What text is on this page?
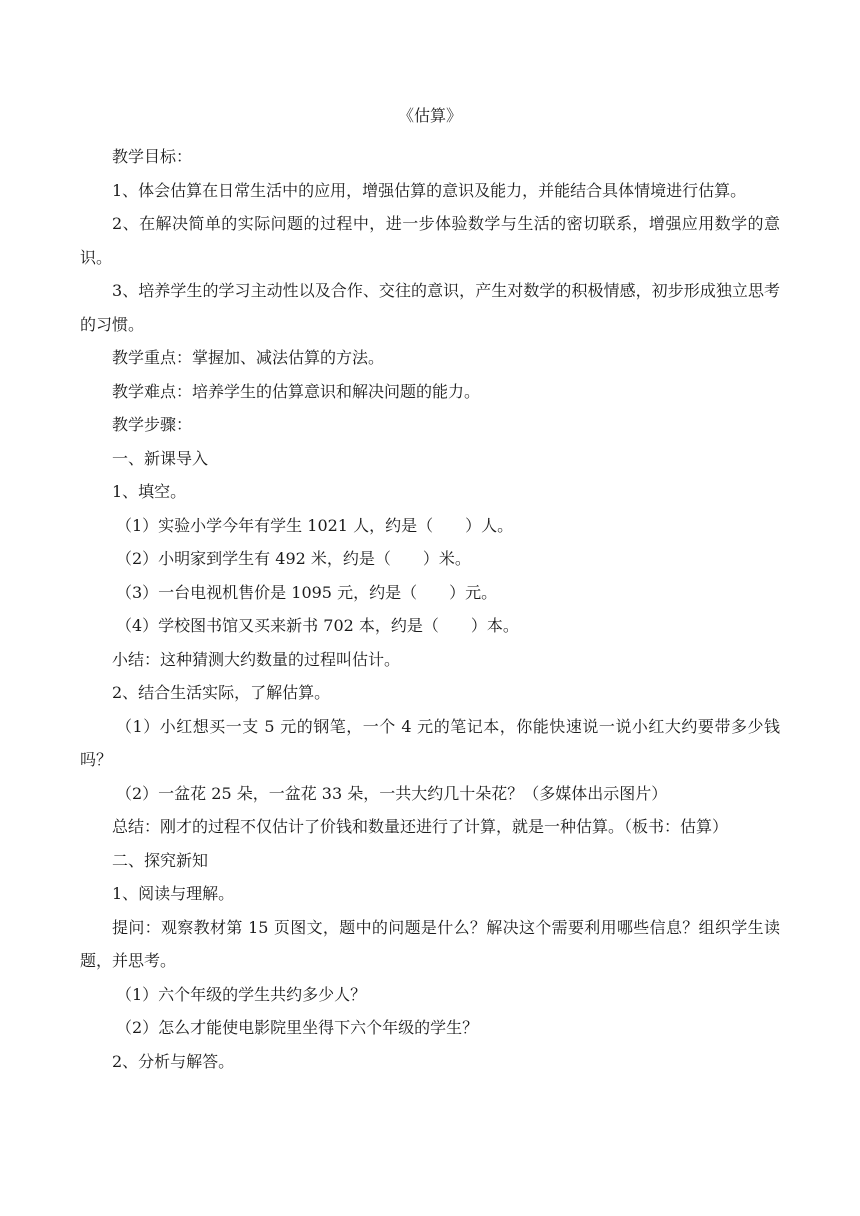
《估算》

教学目标：

1、体会估算在日常生活中的应用，增强估算的意识及能力，并能结合具体情境进行估算。

2、在解决简单的实际问题的过程中，进一步体验数学与生活的密切联系，增强应用数学的意识。

3、培养学生的学习主动性以及合作、交往的意识，产生对数学的积极情感，初步形成独立思考的习惯。

教学重点：掌握加、减法估算的方法。

教学难点：培养学生的估算意识和解决问题的能力。

教学步骤：

一、新课导入

1、填空。

（1）实验小学今年有学生 1021 人，约是（　　）人。

（2）小明家到学生有 492 米，约是（　　）米。

（3）一台电视机售价是 1095 元，约是（　　）元。

（4）学校图书馆又买来新书 702 本，约是（　　）本。

小结：这种猜测大约数量的过程叫估计。

2、结合生活实际，了解估算。

（1）小红想买一支 5 元的钢笔，一个 4 元的笔记本，你能快速说一说小红大约要带多少钱吗？

（2）一盆花 25 朵，一盆花 33 朵，一共大约几十朵花？（多媒体出示图片）

总结：刚才的过程不仅估计了价钱和数量还进行了计算，就是一种估算。（板书：估算）

二、探究新知

1、阅读与理解。

提问：观察教材第 15 页图文，题中的问题是什么？解决这个需要利用哪些信息？组织学生读题，并思考。

（1）六个年级的学生共约多少人？

（2）怎么才能使电影院里坐得下六个年级的学生？

2、分析与解答。
